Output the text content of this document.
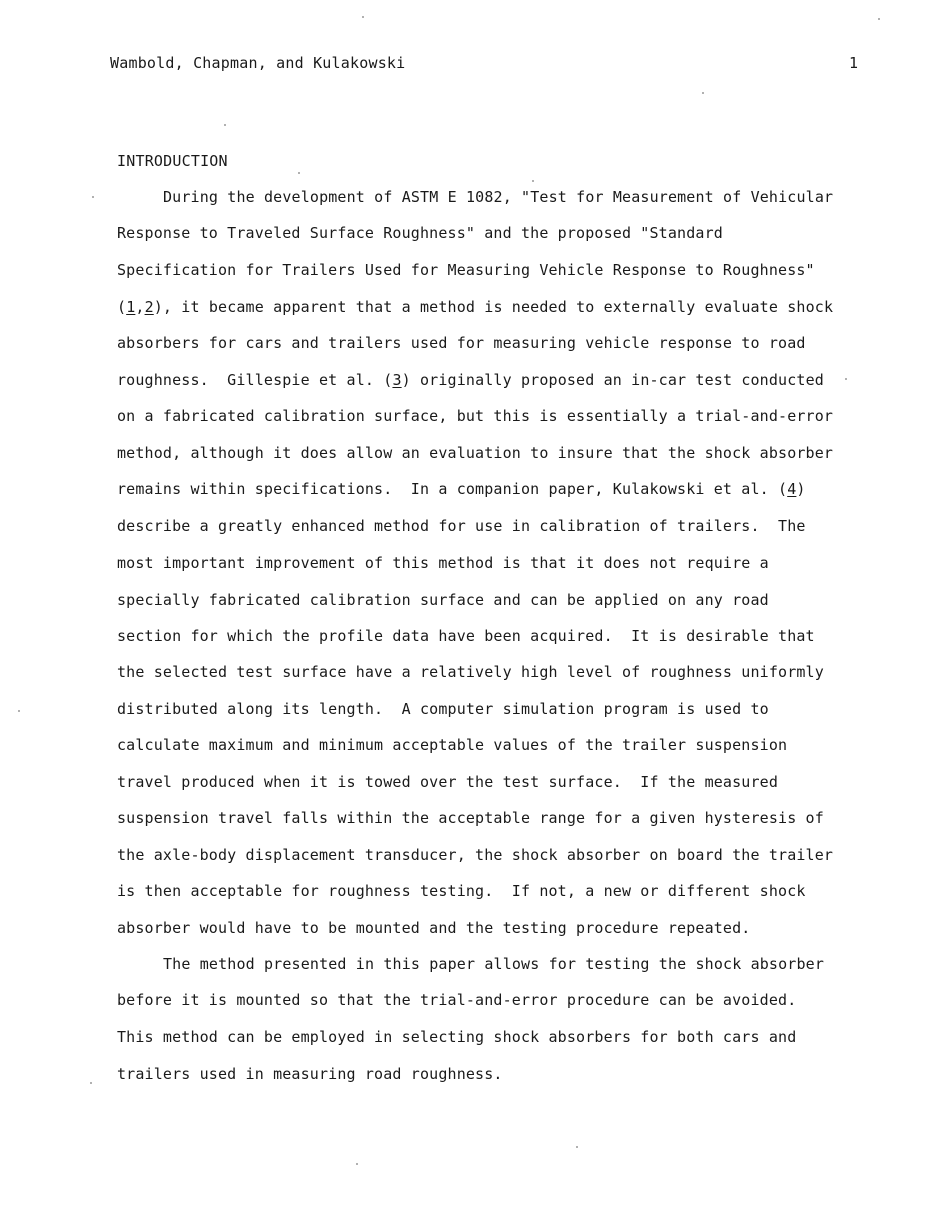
Wambold, Chapman, and Kulakowski	1
INTRODUCTION
During the development of ASTM E 1082, "Test for Measurement of Vehicular
Response to Traveled Surface Roughness" and the proposed "Standard
Specification for Trailers Used for Measuring Vehicle Response to Roughness"
(1,2), it became apparent that a method is needed to externally evaluate shock
absorbers for cars and trailers used for measuring vehicle response to road
roughness.  Gillespie et al. (3) originally proposed an in-car test conducted
on a fabricated calibration surface, but this is essentially a trial-and-error
method, although it does allow an evaluation to insure that the shock absorber
remains within specifications.  In a companion paper, Kulakowski et al. (4)
describe a greatly enhanced method for use in calibration of trailers.  The
most important improvement of this method is that it does not require a
specially fabricated calibration surface and can be applied on any road
section for which the profile data have been acquired.  It is desirable that
the selected test surface have a relatively high level of roughness uniformly
distributed along its length.  A computer simulation program is used to
calculate maximum and minimum acceptable values of the trailer suspension
travel produced when it is towed over the test surface.  If the measured
suspension travel falls within the acceptable range for a given hysteresis of
the axle-body displacement transducer, the shock absorber on board the trailer
is then acceptable for roughness testing.  If not, a new or different shock
absorber would have to be mounted and the testing procedure repeated.
The method presented in this paper allows for testing the shock absorber
before it is mounted so that the trial-and-error procedure can be avoided.
This method can be employed in selecting shock absorbers for both cars and
trailers used in measuring road roughness.
